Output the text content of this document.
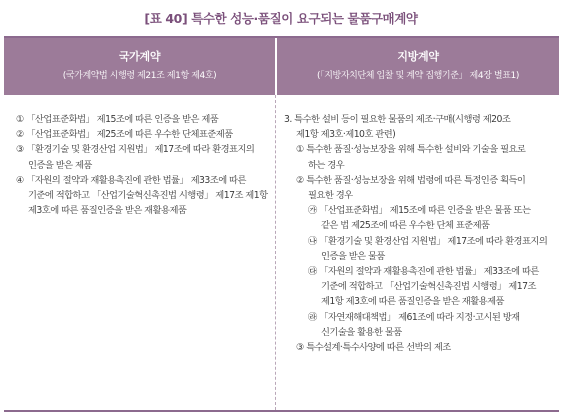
[표 40] 특수한 성능·품질이 요구되는 물품구매계약
국가계약
(국가계약법 시행령 제21조 제1항 제4호)
지방계약
(「지방자치단체 입찰 및 계약 집행기준」 제4장 별표1)
① 「산업표준화법」 제15조에 따른 인증을 받은 제품
② 「산업표준화법」 제25조에 따른 우수한 단체표준제품
③ 「환경기술 및 환경산업 지원법」 제17조에 따라 환경표지의
인증을 받은 제품
④ 「자원의 절약과 재활용촉진에 관한 법률」 제33조에 따른
기준에 적합하고 「산업기술혁신촉진법 시행령」 제17조 제1항
제3호에 따른 품질인증을 받은 재활용제품
3. 특수한 설비 등이 필요한 물품의 제조·구매(시행령 제20조
제1항 제3호·제10호 관련)
① 특수한 품질·성능보장을 위해 특수한 설비와 기술을 필요로
하는 경우
② 특수한 품질·성능보장을 위해 법령에 따른 특정인증 획득이
필요한 경우
㉮ 「산업표준화법」 제15조에 따른 인증을 받은 물품 또는
같은 법 제25조에 따른 우수한 단체 표준제품
㉯ 「환경기술 및 환경산업 지원법」 제17조에 따라 환경표지의
인증을 받은 물품
㉰ 「자원의 절약과 재활용촉진에 관한 법률」 제33조에 따른
기준에 적합하고 「산업기술혁신촉진법 시행령」 제17조
제1항 제3호에 따른 품질인증을 받은 재활용제품
㉱ 「자연재해대책법」 제61조에 따라 지정·고시된 방재
신기술을 활용한 물품
③ 특수설계·특수사양에 따른 선박의 제조
